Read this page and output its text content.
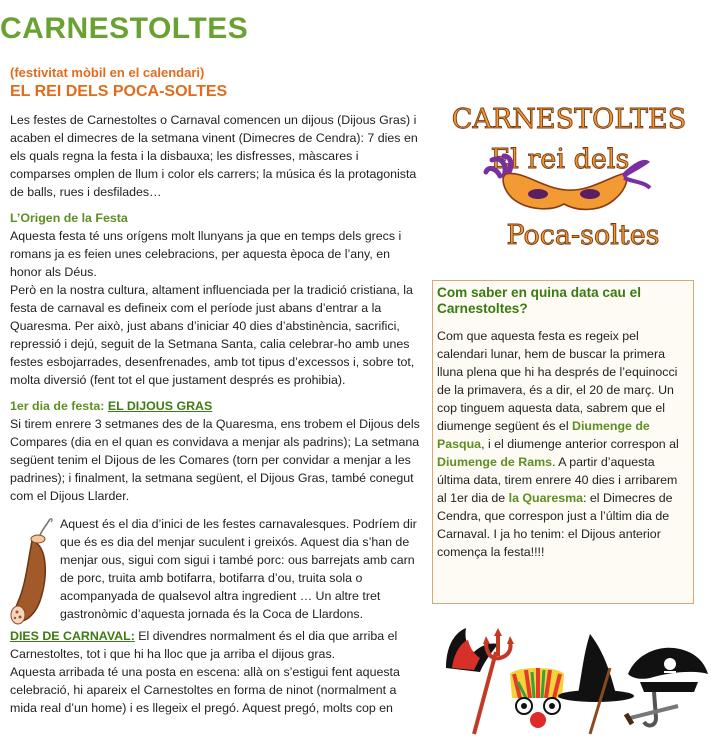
CARNESTOLTES
(festivitat mòbil en el calendari)
EL REI DELS POCA-SOLTES

Les festes de Carnestoltes o Carnaval comencen un dijous (Dijous Gras) i acaben el dimecres de la setmana vinent (Dimecres de Cendra): 7 dies en els quals regna la festa i la disbauxa; les disfresses, màscares i comparses omplen de llum i color els carrers; la música és la protagonista de balls, rues i desfilades…

L’Origen de la Festa

Aquesta festa té uns orígens molt llunyans ja que en temps dels grecs i romans ja es feien unes celebracions, per aquesta època de l’any, en honor als Déus.

Però en la nostra cultura, altament influenciada per la tradició cristiana, la festa de carnaval es defineix com el període just abans d’entrar a la Quaresma. Per això, just abans d’iniciar 40 dies d’abstinència, sacrifici, repressió i dejú, seguit de la Setmana Santa, calia celebrar-ho amb unes festes esbojarrades, desenfrenades, amb tot tipus d’excessos i, sobre tot, molta diversió (fent tot el que justament després es prohibia).

1er dia de festa: EL DIJOUS GRAS

Si tirem enrere 3 setmanes des de la Quaresma, ens trobem el Dijous dels Compares (dia en el quan es convidava a menjar als padrins); La setmana següent tenim el Dijous de les Comares (torn per convidar a menjar a les padrines); i finalment, la setmana següent, el Dijous Gras, també conegut com el Dijous Llarder.

Aquest és el dia d’inici de les festes carnavalesques. Podríem dir que és es dia del menjar suculent i greixós. Aquest dia s’han de menjar ous, sigui com sigui i també porc: ous barrejats amb carn de porc, truita amb botifarra, botifarra d’ou, truita sola o acompanyada de qualsevol altra ingredient … Un altre tret gastronòmic d’aquesta jornada és la Coca de Llardons.

DIES DE CARNAVAL: El divendres normalment és el dia que arriba el Carnestoltes, tot i que hi ha lloc que ja arriba el dijous gras.

Aquesta arribada té una posta en escena: allà on s’estigui fent aquesta celebració, hi apareix el Carnestoltes en forma de ninot (normalment a mida real d’un home) i es llegeix el pregó. Aquest pregó, molts cop en

CARNESTOLTES
El rei dels
Poca-soltes
Com saber en quina data cau el Carnestoltes?
Com que aquesta festa es regeix pel calendari lunar, hem de buscar la primera lluna plena que hi ha després de l’equinocci de la primavera, és a dir, el 20 de març. Un cop tinguem aquesta data, sabrem que el diumenge següent és el Diumenge de Pasqua, i el diumenge anterior correspon al Diumenge de Rams. A partir d’aquesta última data, tirem enrere 40 dies i arribarem al 1er dia de la Quaresma: el Dimecres de Cendra, que correspon just a l’últim dia de Carnaval. I ja ho tenim: el Dijous anterior comença la festa!!!!
